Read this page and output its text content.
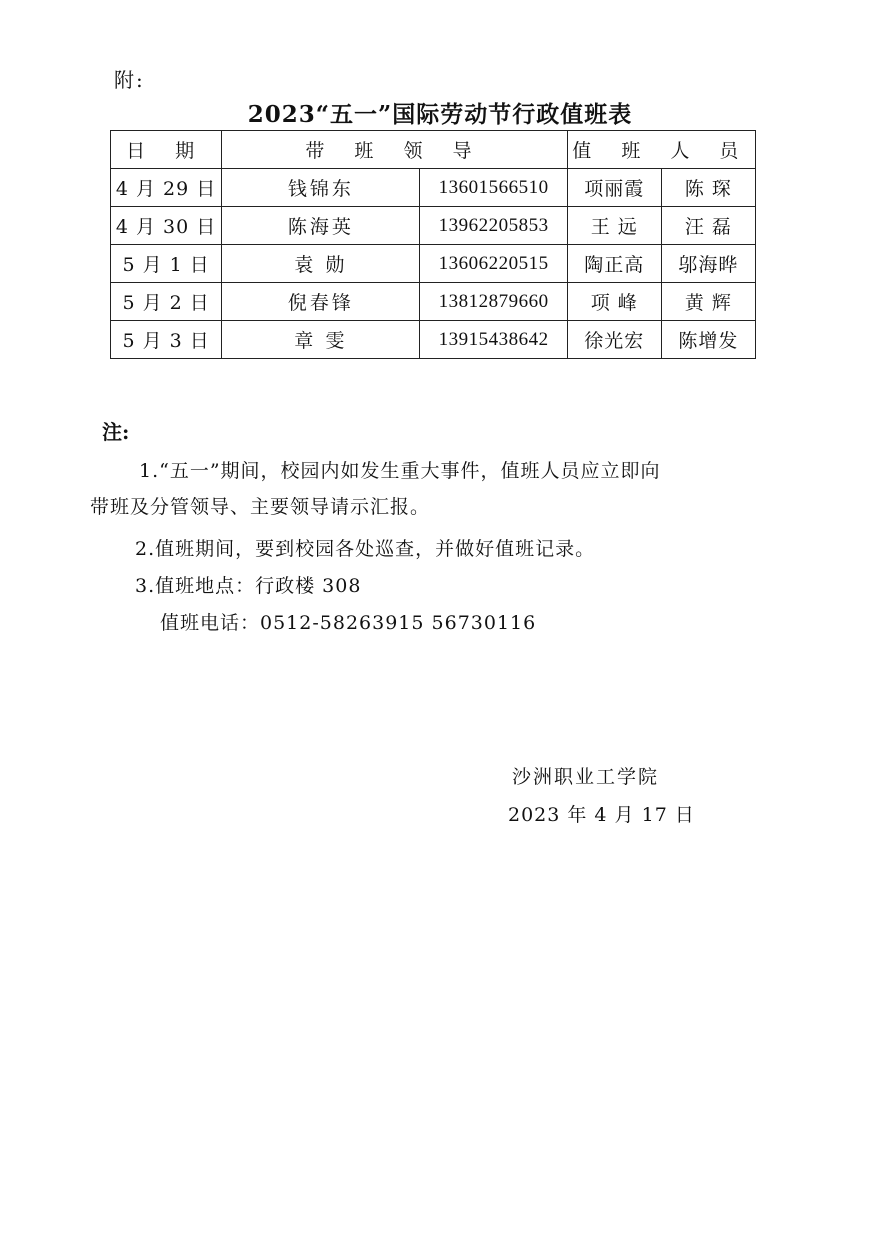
附:
2023“五一”国际劳动节行政值班表
日 期	带 班 领 导		值 班 人 员	
4 月 29 日	钱锦东	13601566510	项丽霞	陈 琛
4 月 30 日	陈海英	13962205853	王 远	汪 磊
5 月 1 日	袁 勋	13606220515	陶正高	邬海晔
5 月 2 日	倪春锋	13812879660	项 峰	黄 辉
5 月 3 日	章 雯	13915438642	徐光宏	陈增发
注:
1.“五一”期间，校园内如发生重大事件，值班人员应立即向
带班及分管领导、主要领导请示汇报。
2.值班期间，要到校园各处巡查，并做好值班记录。
3.值班地点：行政楼 308
值班电话：0512-58263915 56730116
沙洲职业工学院
2023 年 4 月 17 日
